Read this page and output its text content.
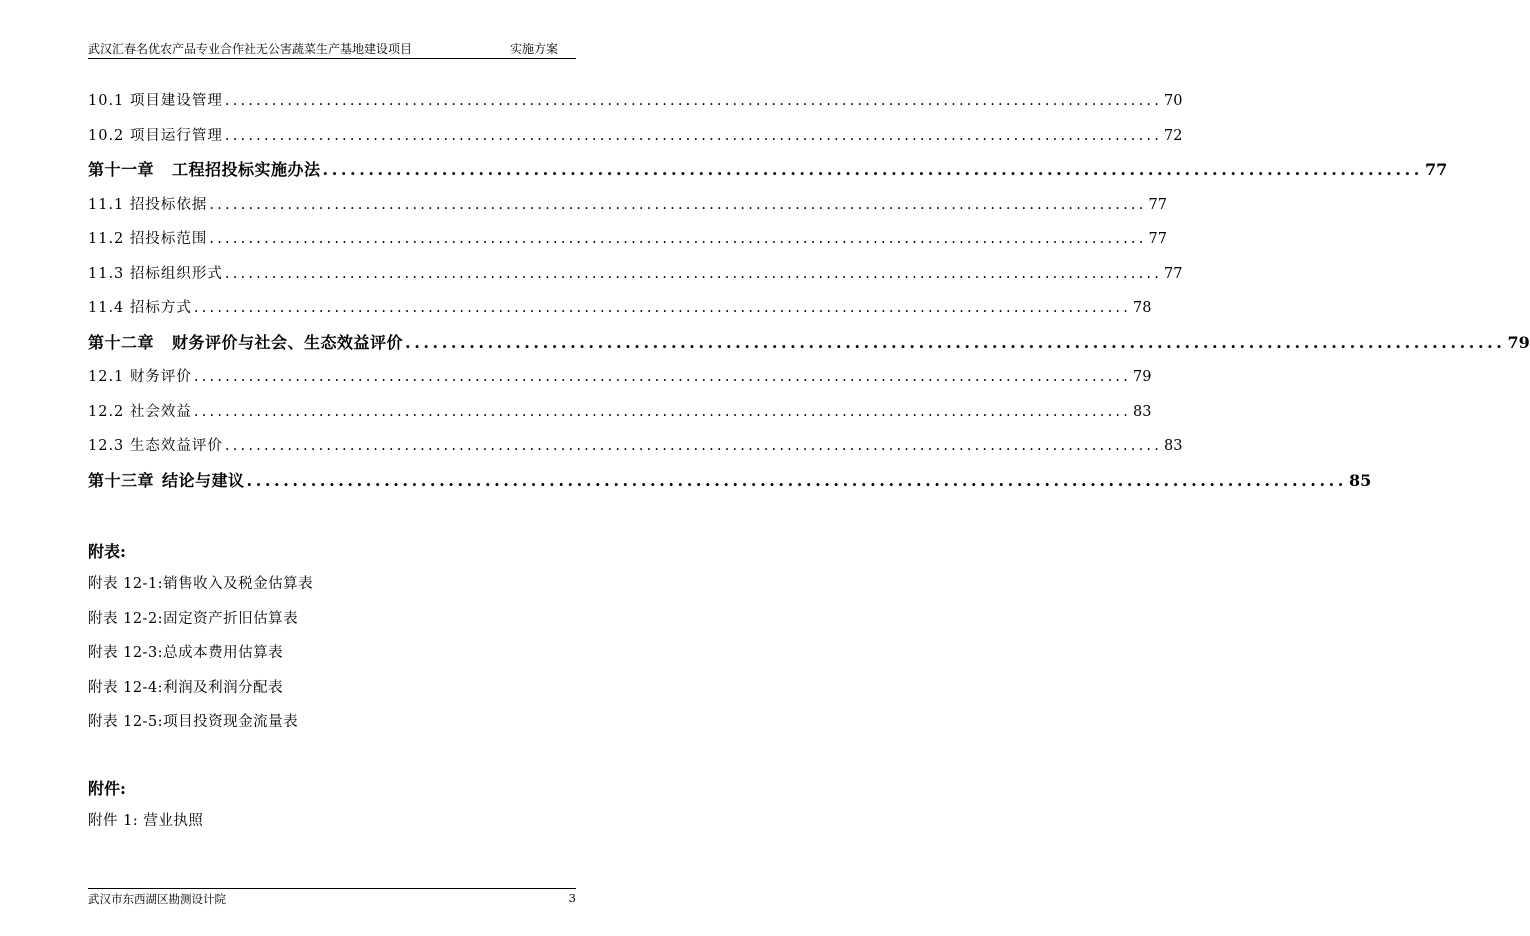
武汉汇春名优农产品专业合作社无公害蔬菜生产基地建设项目	实施方案
10.1 项目建设管理 ........................................................................................................................ 70
10.2 项目运行管理 ........................................................................................................................ 72
第十一章 工程招投标实施办法 ........................................................................................................................ 77
11.1 招投标依据 ........................................................................................................................ 77
11.2 招投标范围 ........................................................................................................................ 77
11.3 招标组织形式 ........................................................................................................................ 77
11.4 招标方式 ........................................................................................................................ 78
第十二章 财务评价与社会、生态效益评价 ........................................................................................................................ 79
12.1 财务评价 ........................................................................................................................ 79
12.2 社会效益 ........................................................................................................................ 83
12.3 生态效益评价 ........................................................................................................................ 83
第十三章 结论与建议 ........................................................................................................................ 85
附表:
附表 12-1:销售收入及税金估算表
附表 12-2:固定资产折旧估算表
附表 12-3:总成本费用估算表
附表 12-4:利润及利润分配表
附表 12-5:项目投资现金流量表
附件:
附件 1: 营业执照
武汉市东西湖区勘测设计院	3
